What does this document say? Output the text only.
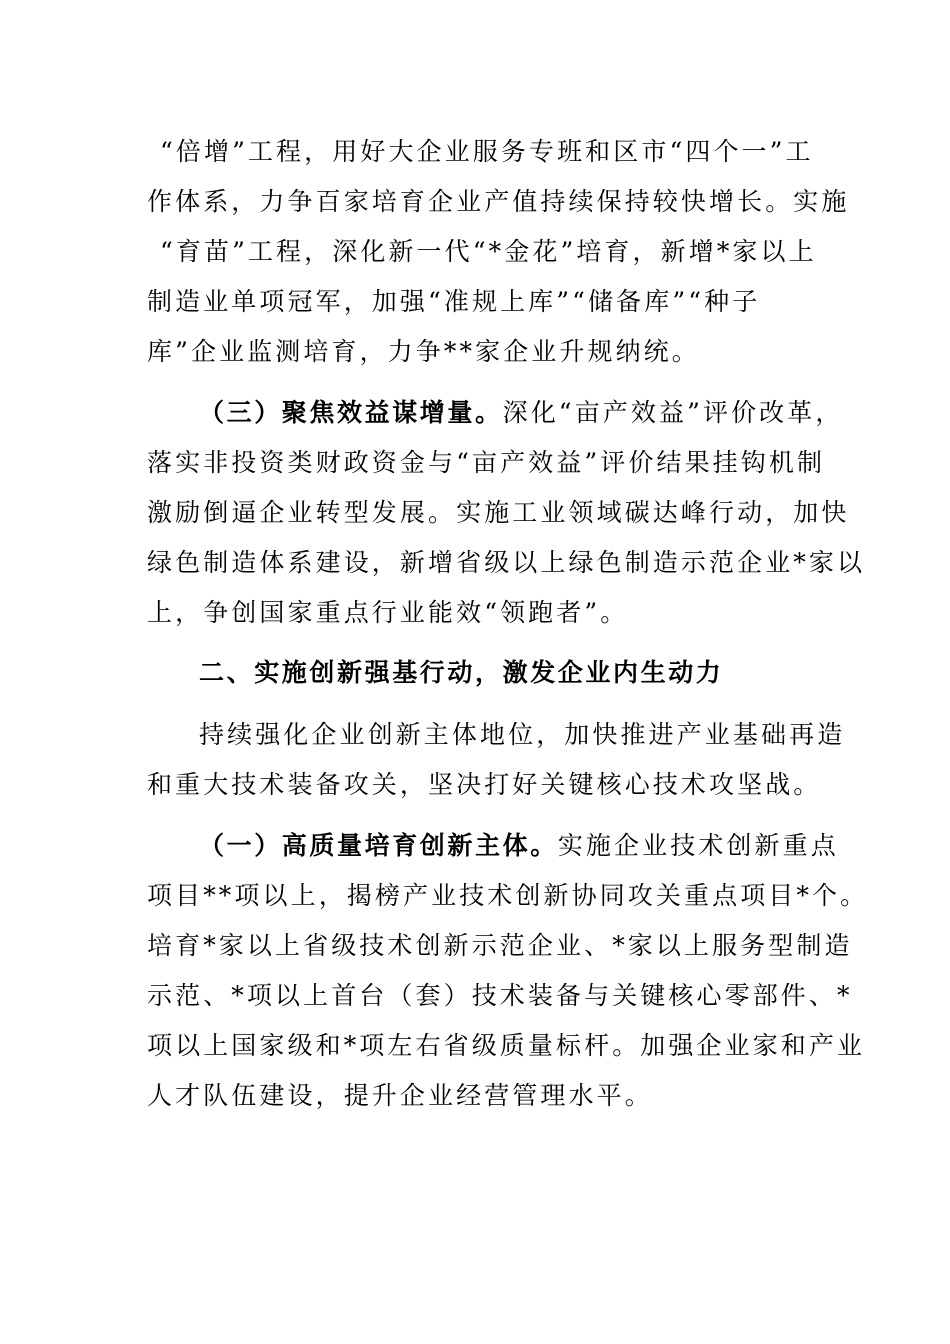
“倍增”工程，用好大企业服务专班和区市“四个一”工
作体系，力争百家培育企业产值持续保持较快增长。实施
“育苗”工程，深化新一代“*金花”培育，新增*家以上
制造业单项冠军，加强“准规上库”“储备库”“种子
库”企业监测培育，力争**家企业升规纳统。
（三）聚焦效益谋增量。深化“亩产效益”评价改革，
落实非投资类财政资金与“亩产效益”评价结果挂钩机制
激励倒逼企业转型发展。实施工业领域碳达峰行动，加快
绿色制造体系建设，新增省级以上绿色制造示范企业*家以
上，争创国家重点行业能效“领跑者”。
二、实施创新强基行动，激发企业内生动力
持续强化企业创新主体地位，加快推进产业基础再造
和重大技术装备攻关，坚决打好关键核心技术攻坚战。
（一）高质量培育创新主体。实施企业技术创新重点
项目**项以上，揭榜产业技术创新协同攻关重点项目*个。
培育*家以上省级技术创新示范企业、*家以上服务型制造
示范、*项以上首台（套）技术装备与关键核心零部件、*
项以上国家级和*项左右省级质量标杆。加强企业家和产业
人才队伍建设，提升企业经营管理水平。
